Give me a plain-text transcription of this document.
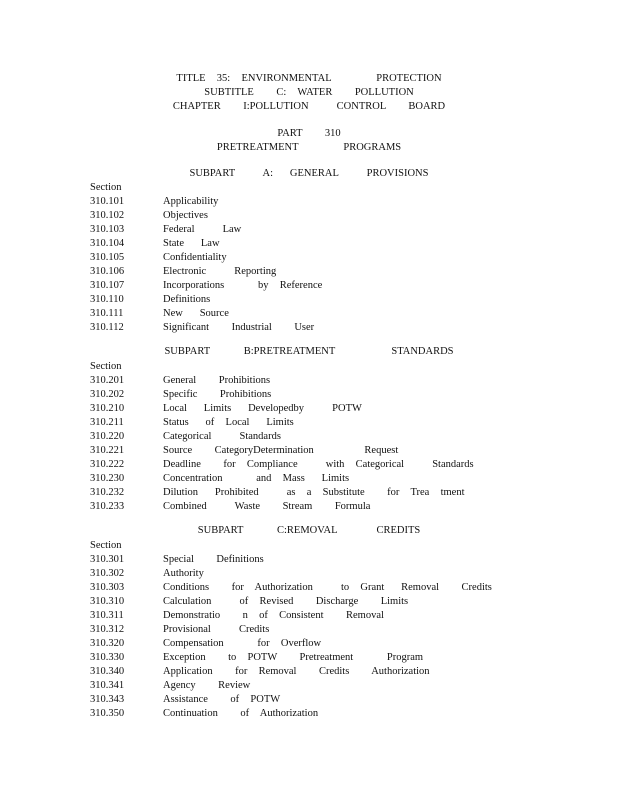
TITLE  35:  ENVIRONMENTAL        PROTECTION
SUBTITLE    C:  WATER    POLLUTION
CHAPTER    I:POLLUTION     CONTROL    BOARD
PART    310
PRETREATMENT        PROGRAMS
SUBPART     A:   GENERAL     PROVISIONS
Section
310.101	Applicability
310.102	Objectives
310.103	Federal     Law
310.104	State   Law
310.105	Confidentiality
310.106	Electronic     Reporting
310.107	Incorporations      by  Reference
310.110	Definitions
310.111	New   Source
310.112	Significant    Industrial    User
SUBPART      B:PRETREATMENT          STANDARDS
Section
310.201	General    Prohibitions
310.202	Specific    Prohibitions
310.210	Local   Limits   Developedby     POTW
310.211	Status   of  Local   Limits
310.220	Categorical     Standards
310.221	Source    CategoryDetermination         Request
310.222	Deadline    for  Compliance     with  Categorical     Standards
310.230	Concentration      and  Mass   Limits
310.232	Dilution   Prohibited     as  a  Substitute    for  Trea  tment
310.233	Combined     Waste    Stream    Formula
SUBPART      C:REMOVAL       CREDITS
Section
310.301	Special    Definitions
310.302	Authority
310.303	Conditions    for  Authorization     to  Grant   Removal    Credits
310.310	Calculation     of  Revised    Discharge    Limits
310.311	Demonstratio    n  of  Consistent    Removal
310.312	Provisional     Credits
310.320	Compensation      for  Overflow
310.330	Exception    to  POTW    Pretreatment      Program
310.340	Application    for  Removal    Credits    Authorization
310.341	Agency    Review
310.343	Assistance    of  POTW
310.350	Continuation    of  Authorization
